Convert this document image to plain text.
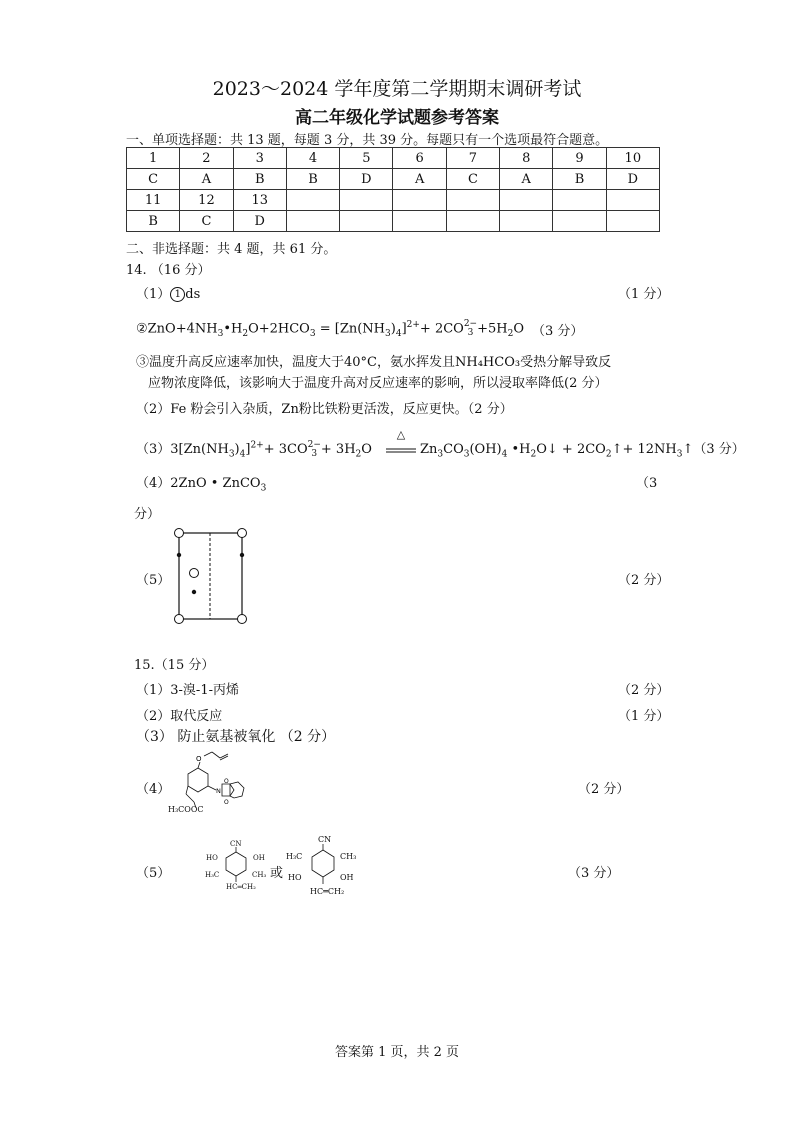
2023～2024 学年度第二学期期末调研考试
高二年级化学试题参考答案
一、单项选择题：共 13 题，每题 3 分，共 39 分。每题只有一个选项最符合题意。
1	2	3	4	5	6	7	8	9	10
C	A	B	B	D	A	C	A	B	D
11	12	13							
B	C	D							
二、非选择题：共 4 题，共 61 分。
14. （16 分）
（1） 1 ds	（1 分）
$②ZnO+4NH_3•H_2O+2HCO_3 = [Zn(NH_3)_4]^{2+}+ 2CO2-$
$3 +5H_2O$ （3 分）
③温度升高反应速率加快，温度大于40°C，氨水挥发且NH₄HCO₃受热分解导致反
应物浓度降低，该影响大于温度升高对反应速率的影响，所以浸取率降低(2 分）
（2）Fe 粉会引入杂质，Zn粉比铁粉更活泼，反应更快。（2 分）
△
$(3)3[Zn(NH_3)_4]^{2+}+ 3CO2-$
$3 + 3H_2O$	$Zn_3CO_3(OH)_4$ $•H_2O↓$ + $2CO_2↑+$ $12NH_3↑(3$ 分）
（4）2ZnO • ZnCO$_3$	（3
分）
（5）	（2 分）
15.（15 分）
（1）3-溴-1-丙烯	（2 分）
（2）取代反应	（1 分）
（3） 防止氨基被氧化 （2 分）
（4）
O
N
O
O
H₃COOC
（2 分）
（5）
CN
HO	OH
H₃C	CH₃
HC═CH₂
或
CN
H₃C	CH₃
HO	OH
HC═CH₂
（3 分）
答案第 1 页，共 2 页
